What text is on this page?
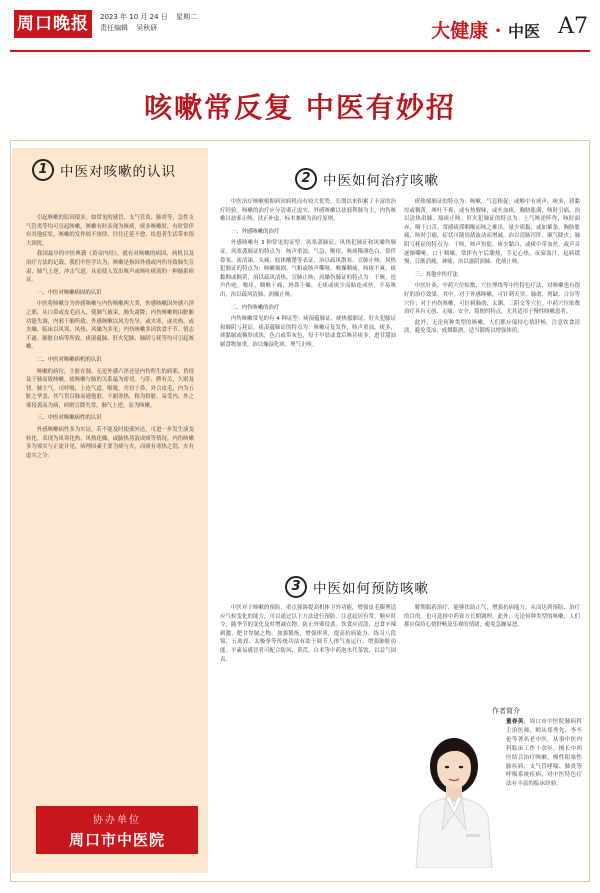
周口晚报	2023 年 10 月 24 日 星期二
责任编辑 吴秋研	大健康 · 中医 A7
咳嗽常反复 中医有妙招
1 中医对咳嗽的认识

引起咳嗽的原因很多，如常见的感冒、支气管炎、肺炎等，急性支气管炎等均可引起咳嗽，咳嗽有时表现为咳痰，痰多咳嗽时，有时常伴有其他症状，咳嗽的发作较不规律，往往迁延不愈，给患者生活带来很大困扰。

我国最早的中医典籍《黄帝内经》，就有对咳嗽的病因、病机以及治疗方法的记载，我们中医学认为，咳嗽是指因外感或内伤导致肺失宣肃，肺气上逆，冲击气道，从而使人发出咳声或咳吐痰液的一种肺系病证。

一、中医对咳嗽病因的认识

中医将咳嗽分为外感咳嗽与内伤咳嗽两大类，外感咳嗽因外感六淫之邪，从口鼻或皮毛而入，使肺气被束，肺失肃降；内伤咳嗽则由脏腑功能失调，内邪干肺所致。外感咳嗽以风为先导，或夹寒，或夹热，或夹燥，临床以风寒、风热、风燥为多见；内伤咳嗽多因饮食不节、情志不遂、肺脏自病等所致，痰湿蕴肺、肝火犯肺、肺阴亏耗等均可引起咳嗽。

二、中医对咳嗽病机的认识

咳嗽的病位，主脏在肺，无论外感六淫还是内伤所生的病邪，皆侵及于肺而致咳嗽，故咳嗽与肺的关系最为密切。与肝、脾有关，久则及肾。肺主气，司呼吸，上连气道、喉咙，开窍于鼻，外合皮毛，内为五脏之华盖，其气贯百脉而通他脏。不耐寒热，称为娇脏，易受内、外之邪侵袭而为病，病则宣降失常，肺气上逆，而为咳嗽。

三、中医对咳嗽病性的认识

外感咳嗽病性多为实证，若不能及时使邪外达，可进一步发生演变转化，表现为风寒化热，风热化燥，或肺热蒸液成痰等情况。内伤咳嗽多为邪实与正虚并见，病理因素主要为痰与火，而痰有寒热之别，火有虚实之分。

协办单位
周口市中医院
2 中医如何治疗咳嗽

中医治疗咳嗽根据病因病机而有较大优势，长期以来积累了丰富的治疗经验。咳嗽的治疗应分清邪正虚实，外感咳嗽以祛邪利肺为主，内伤咳嗽以祛邪止咳、扶正补虚、标本兼顾为治疗原则。

一、外感咳嗽的治疗

外感咳嗽有 3 种常见的证型：风寒袭肺证、风热犯肺证和风燥伤肺证。风寒袭肺证的特点为：咳声重浊，气急，喉痒，咳痰稀薄色白，常伴鼻塞、流清涕、头痛、肢体酸楚等表证，治以疏风散寒、宣肺止咳；风热犯肺证的特点为：咳嗽频剧，气粗或咳声嘶哑，喉燥咽痛，咳痰不爽，痰黏稠或稠黄，治以疏风清热、宣肺止咳；风燥伤肺证的特点为：干咳，连声作呛，喉痒，咽喉干痛，唇鼻干燥，无痰或痰少而粘连成丝，不易咳出，治以疏风清肺、润燥止咳。

二、内伤咳嗽的治疗

内伤咳嗽常见的有 4 种证型：痰湿蕴肺证、痰热郁肺证、肝火犯肺证和肺阴亏耗证。痰湿蕴肺证的特点为：咳嗽反复发作，咳声重浊，痰多，痰黏腻或稠厚成块，色白或带灰色，每于早晨或食后咳甚痰多，进甘甜油腻食物加重，治以燥湿化痰、理气止咳。

痰热郁肺证的特点为：咳嗽，气息粗促，或喉中有痰声，痰多，质黏厚或稠黄，咳吐不爽，或有热腥味，或吐血痰，胸胁胀满，咳时引痛，治以清热肃肺、豁痰止咳；肝火犯肺证的特点为：上气咳逆阵作，咳时面赤，咽干口苦，常感痰滞咽喉而咳之难出，量少质黏，或如絮条，胸胁胀痛，咳时引痛，症状可随情绪波动而增减，治以清肺泻肝、顺气降火；肺阴亏耗证的特点为：干咳，咳声短促，痰少黏白，或痰中带血丝，或声音逐渐嘶哑，口干咽燥，常伴有午后潮热，手足心热，夜寐盗汗，起病缓慢，日渐消瘦，神疲，治以滋阴润肺、化痰止咳。

三、其他中医疗法

中医针灸、中药穴位贴敷、穴位埋线等中医特色疗法，对咳嗽也有很好的治疗效果。其中，对于外感咳嗽，可针刺天突、肺俞、列缺、合谷等穴位；对于内伤咳嗽，可针刺肺俞、太渊、三阴交等穴位。中药穴位贴敷治疗具有无创、无痛、安全、简便的特点，尤其适用于慢性咳嗽患者。

此外，无论何种类型的咳嗽，人们都应保持心情舒畅，注意饮食清淡，避免受凉，戒烟限酒，适当锻炼以增强体质。

3 中医如何预防咳嗽

中医对于咳嗽的预防，重点强调提高机体卫外功能，增强皮毛腠理适应气候变化的能力，可以通过以下方法进行预防。注意起居有常，顺应时令，随季节的变化及时增减衣物，防止外邪侵袭。饮食应清淡，忌食辛辣刺激、肥甘厚腻之物。加强锻炼，增强体质，提高抗病能力。练习八段锦、五禽戏、太极拳等传统功法有助于调节人体气血运行，增强肺脏功能。平素易感冒者可配合防风、黄芪、白术等中药泡水代茶饮，以益气固表。

解期服药治疗，能够扶助正气，增强抗病能力，从而达到预防、治疗的目的。也可选择中药膏方长期调理。此外，无论何种类型的咳嗽，人们都应保持心情舒畅及乐观的情绪，避免急躁易怒。

作者简介
董春英，周口市中医院肺病科主治医师，师从郑秀先、李丕伦等著名老中医，从事中医内科临床工作十余年，擅长中西医结合治疗咳嗽、慢性阻塞性肺疾病、支气管哮喘、肺炎等呼吸系统疾病，对中医特色疗法有丰富的临床经验。
